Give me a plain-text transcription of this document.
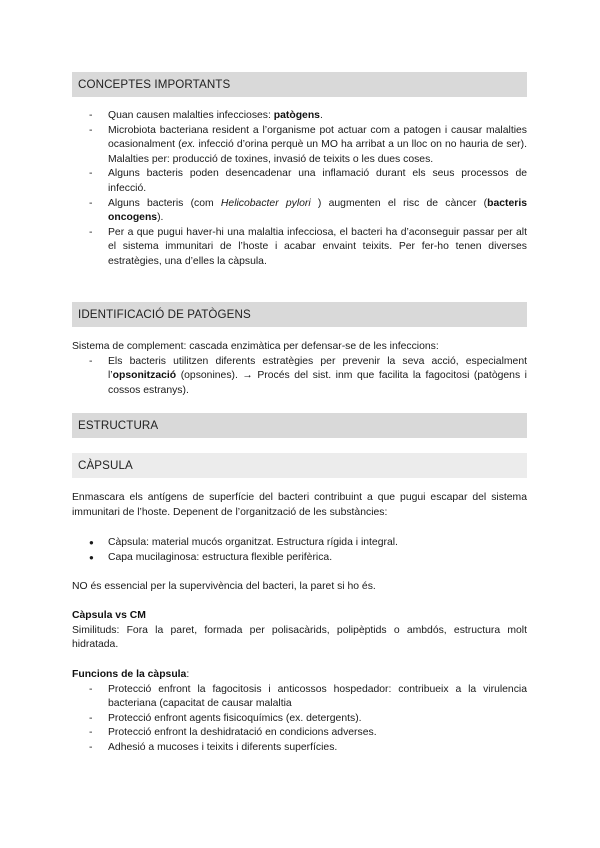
CONCEPTES IMPORTANTS
- Quan causen malalties infeccioses: patògens.
- Microbiota bacteriana resident a l’organisme pot actuar com a patogen i causar malalties ocasionalment (ex. infecció d’orina perquè un MO ha arribat a un lloc on no hauria de ser). Malalties per: producció de toxines, invasió de teixits o les dues coses.
- Alguns bacteris poden desencadenar una inflamació durant els seus processos de infecció.
- Alguns bacteris (com Helicobacter pylori ) augmenten el risc de càncer (bacteris oncogens).
- Per a que pugui haver-hi una malaltia infecciosa, el bacteri ha d’aconseguir passar per alt el sistema immunitari de l’hoste i acabar envaint teixits. Per fer-ho tenen diverses estratègies, una d’elles la càpsula.
IDENTIFICACIÓ DE PATÒGENS

Sistema de complement: cascada enzimàtica per defensar-se de les infeccions:

- Els bacteris utilitzen diferents estratègies per prevenir la seva acció, especialment l’opsonització (opsonines). → Procés del sist. inm que facilita la fagocitosi (patògens i cossos estranys).
ESTRUCTURA
CÀPSULA
Enmascara els antígens de superfície del bacteri contribuint a que pugui escapar del sistema immunitari de l’hoste. Depenent de l’organització de les substàncies:
● Càpsula: material mucós organitzat. Estructura rígida i integral.
● Capa mucilaginosa: estructura flexible perifèrica.
NO és essencial per la supervivència del bacteri, la paret si ho és.

Càpsula vs CM

Similituds: Fora la paret, formada per polisacàrids, polipèptids o ambdós, estructura molt hidratada.

Funcions de la càpsula:

- Protecció enfront la fagocitosis i anticossos hospedador: contribueix a la virulencia bacteriana (capacitat de causar malaltia
- Protecció enfront agents fisicoquímics (ex. detergents).
- Protecció enfront la deshidratació en condicions adverses.
- Adhesió a mucoses i teixits i diferents superfícies.
